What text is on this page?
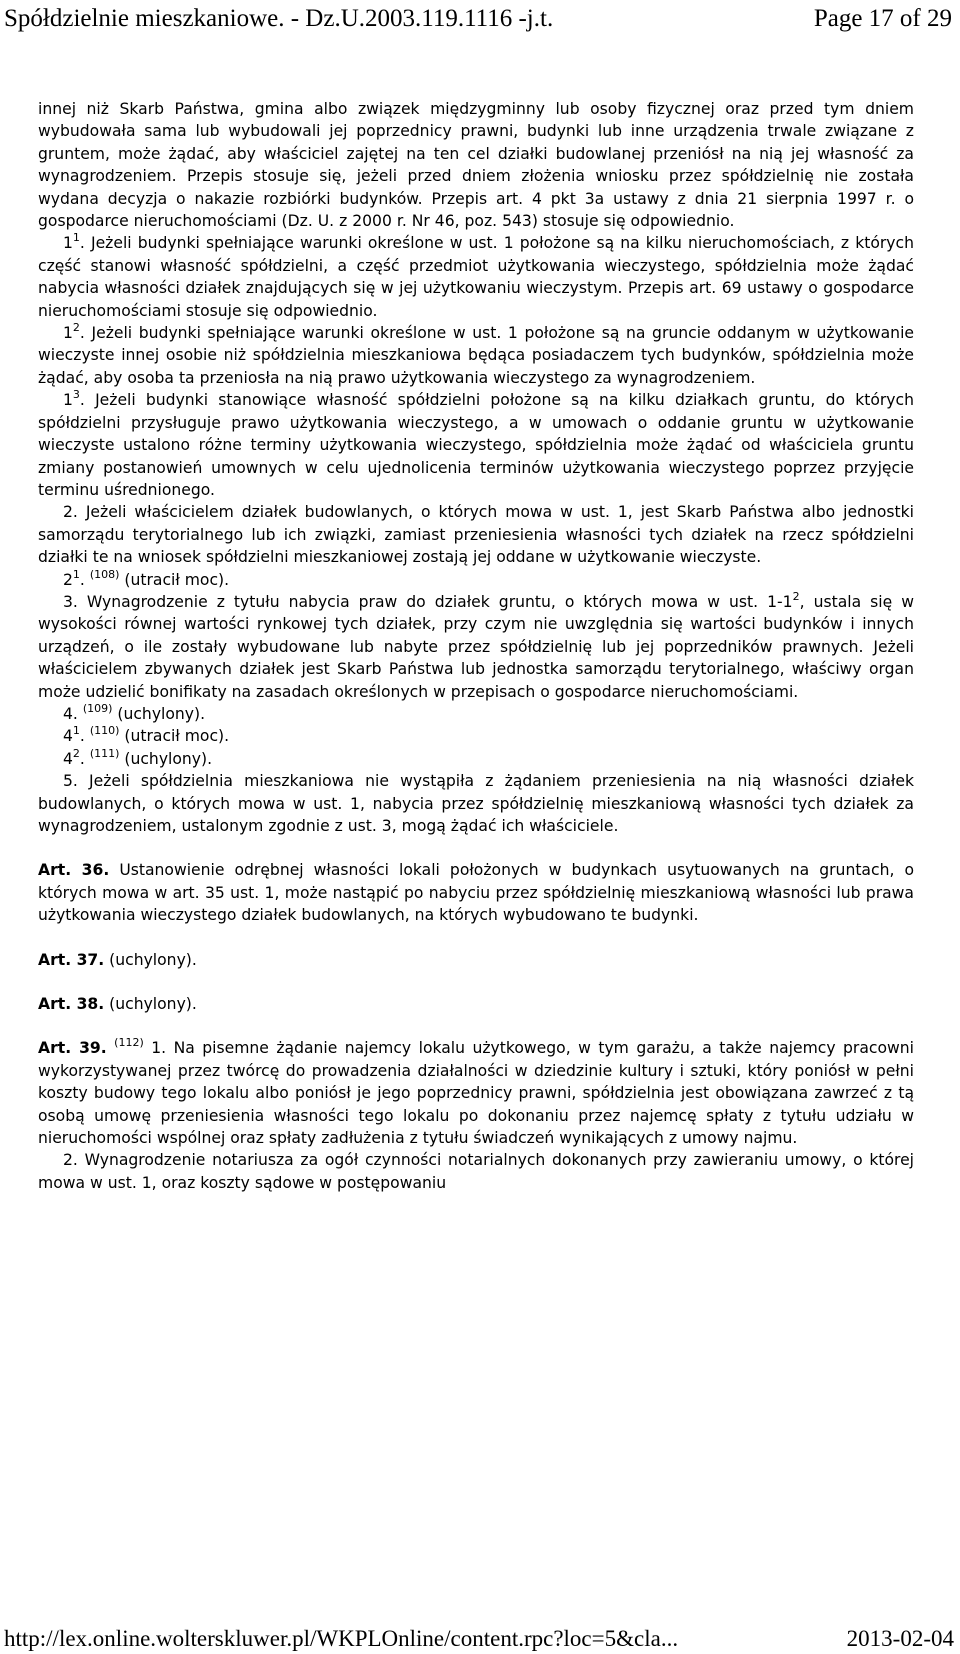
Spółdzielnie mieszkaniowe. - Dz.U.2003.119.1116 -j.t.	Page 17 of 29

innej niż Skarb Państwa, gmina albo związek międzygminny lub osoby fizycznej oraz przed tym dniem wybudowała sama lub wybudowali jej poprzednicy prawni, budynki lub inne urządzenia trwale związane z gruntem, może żądać, aby właściciel zajętej na ten cel działki budowlanej przeniósł na nią jej własność za wynagrodzeniem. Przepis stosuje się, jeżeli przed dniem złożenia wniosku przez spółdzielnię nie została wydana decyzja o nakazie rozbiórki budynków. Przepis art. 4 pkt 3a ustawy z dnia 21 sierpnia 1997 r. o gospodarce nieruchomościami (Dz. U. z 2000 r. Nr 46, poz. 543) stosuje się odpowiednio.

$1^1$. Jeżeli budynki spełniające warunki określone w ust. 1 położone są na kilku nieruchomościach, z których część stanowi własność spółdzielni, a część przedmiot użytkowania wieczystego, spółdzielnia może żądać nabycia własności działek znajdujących się w jej użytkowaniu wieczystym. Przepis art. 69 ustawy o gospodarce nieruchomościami stosuje się odpowiednio.

$1^2$. Jeżeli budynki spełniające warunki określone w ust. 1 położone są na gruncie oddanym w użytkowanie wieczyste innej osobie niż spółdzielnia mieszkaniowa będąca posiadaczem tych budynków, spółdzielnia może żądać, aby osoba ta przeniosła na nią prawo użytkowania wieczystego za wynagrodzeniem.

$1^3$. Jeżeli budynki stanowiące własność spółdzielni położone są na kilku działkach gruntu, do których spółdzielni przysługuje prawo użytkowania wieczystego, a w umowach o oddanie gruntu w użytkowanie wieczyste ustalono różne terminy użytkowania wieczystego, spółdzielnia może żądać od właściciela gruntu zmiany postanowień umownych w celu ujednolicenia terminów użytkowania wieczystego poprzez przyjęcie terminu uśrednionego.

2. Jeżeli właścicielem działek budowlanych, o których mowa w ust. 1, jest Skarb Państwa albo jednostki samorządu terytorialnego lub ich związki, zamiast przeniesienia własności tych działek na rzecz spółdzielni działki te na wniosek spółdzielni mieszkaniowej zostają jej oddane w użytkowanie wieczyste.

$2^1$. $^{(108)}$ (utracił moc).

3. Wynagrodzenie z tytułu nabycia praw do działek gruntu, o których mowa w ust. $1-1^2$, ustala się w wysokości równej wartości rynkowej tych działek, przy czym nie uwzględnia się wartości budynków i innych urządzeń, o ile zostały wybudowane lub nabyte przez spółdzielnię lub jej poprzedników prawnych. Jeżeli właścicielem zbywanych działek jest Skarb Państwa lub jednostka samorządu terytorialnego, właściwy organ może udzielić bonifikaty na zasadach określonych w przepisach o gospodarce nieruchomościami.

4. $^{(109)}$ (uchylony).

$4^1$. $^{(110)}$ (utracił moc).

$4^2$. $^{(111)}$ (uchylony).

5. Jeżeli spółdzielnia mieszkaniowa nie wystąpiła z żądaniem przeniesienia na nią własności działek budowlanych, o których mowa w ust. 1, nabycia przez spółdzielnię mieszkaniową własności tych działek za wynagrodzeniem, ustalonym zgodnie z ust. 3, mogą żądać ich właściciele.

Art. 36. Ustanowienie odrębnej własności lokali położonych w budynkach usytuowanych na gruntach, o których mowa w art. 35 ust. 1, może nastąpić po nabyciu przez spółdzielnię mieszkaniową własności lub prawa użytkowania wieczystego działek budowlanych, na których wybudowano te budynki.

Art. 37. (uchylony).

Art. 38. (uchylony).

Art. 39. $^{(112)}$ 1. Na pisemne żądanie najemcy lokalu użytkowego, w tym garażu, a także najemcy pracowni wykorzystywanej przez twórcę do prowadzenia działalności w dziedzinie kultury i sztuki, który poniósł w pełni koszty budowy tego lokalu albo poniósł je jego poprzednicy prawni, spółdzielnia jest obowiązana zawrzeć z tą osobą umowę przeniesienia własności tego lokalu po dokonaniu przez najemcę spłaty z tytułu udziału w nieruchomości wspólnej oraz spłaty zadłużenia z tytułu świadczeń wynikających z umowy najmu.

2. Wynagrodzenie notariusza za ogół czynności notarialnych dokonanych przy zawieraniu umowy, o której mowa w ust. 1, oraz koszty sądowe w postępowaniu

http://lex.online.wolterskluwer.pl/WKPLOnline/content.rpc?loc=5&cla...	2013-02-04
